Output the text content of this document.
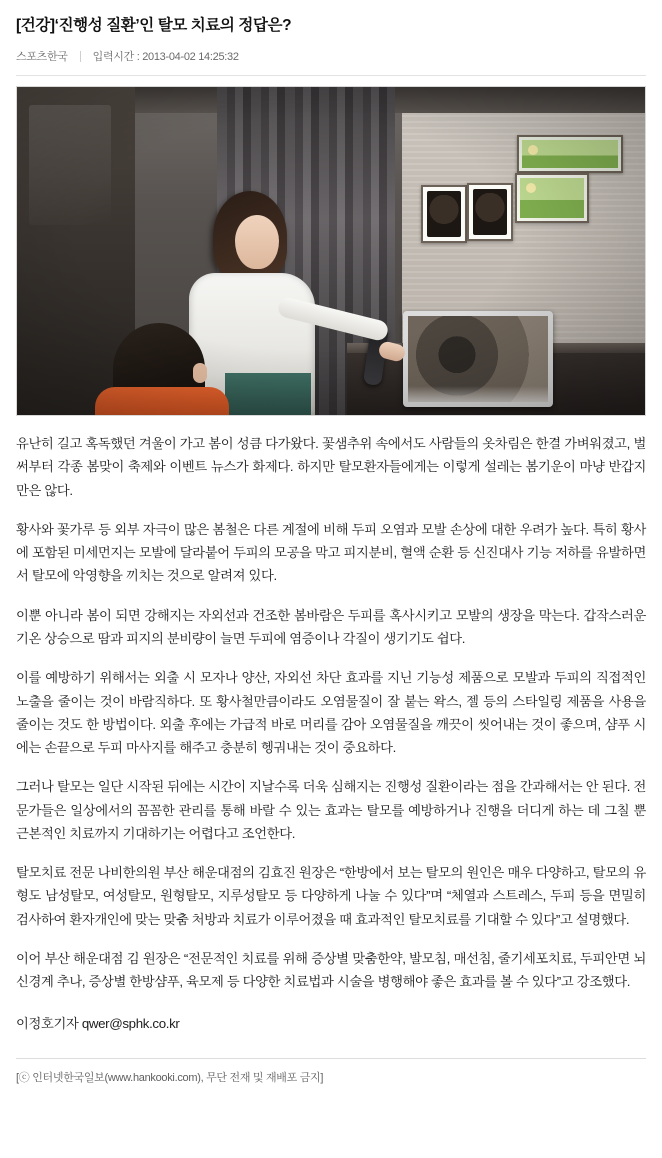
[건강]‘진행성 질환’인 탈모 치료의 정답은?
스포츠한국 입력시간 : 2013-04-02 14:25:32

유난히 길고 혹독했던 겨울이 가고 봄이 성큼 다가왔다. 꽃샘추위 속에서도 사람들의 옷차림은 한결 가벼워졌고, 벌써부터 각종 봄맞이 축제와 이벤트 뉴스가 화제다. 하지만 탈모환자들에게는 이렇게 설레는 봄기운이 마냥 반갑지만은 않다.

황사와 꽃가루 등 외부 자극이 많은 봄철은 다른 계절에 비해 두피 오염과 모발 손상에 대한 우려가 높다. 특히 황사에 포함된 미세먼지는 모발에 달라붙어 두피의 모공을 막고 피지분비, 혈액 순환 등 신진대사 기능 저하를 유발하면서 탈모에 악영향을 끼치는 것으로 알려져 있다.

이뿐 아니라 봄이 되면 강해지는 자외선과 건조한 봄바람은 두피를 혹사시키고 모발의 생장을 막는다. 갑작스러운 기온 상승으로 땀과 피지의 분비량이 늘면 두피에 염증이나 각질이 생기기도 쉽다.

이를 예방하기 위해서는 외출 시 모자나 양산, 자외선 차단 효과를 지닌 기능성 제품으로 모발과 두피의 직접적인 노출을 줄이는 것이 바람직하다. 또 황사철만큼이라도 오염물질이 잘 붙는 왁스, 젤 등의 스타일링 제품을 사용을 줄이는 것도 한 방법이다. 외출 후에는 가급적 바로 머리를 감아 오염물질을 깨끗이 씻어내는 것이 좋으며, 샴푸 시에는 손끝으로 두피 마사지를 해주고 충분히 헹궈내는 것이 중요하다.

그러나 탈모는 일단 시작된 뒤에는 시간이 지날수록 더욱 심해지는 진행성 질환이라는 점을 간과해서는 안 된다. 전문가들은 일상에서의 꼼꼼한 관리를 통해 바랄 수 있는 효과는 탈모를 예방하거나 진행을 더디게 하는 데 그칠 뿐 근본적인 치료까지 기대하기는 어렵다고 조언한다.

탈모치료 전문 나비한의원 부산 해운대점의 김효진 원장은 “한방에서 보는 탈모의 원인은 매우 다양하고, 탈모의 유형도 남성탈모, 여성탈모, 원형탈모, 지루성탈모 등 다양하게 나눌 수 있다”며 “체열과 스트레스, 두피 등을 면밀히 검사하여 환자개인에 맞는 맞춤 처방과 치료가 이루어졌을 때 효과적인 탈모치료를 기대할 수 있다”고 설명했다.

이어 부산 해운대점 김 원장은 “전문적인 치료를 위해 증상별 맞춤한약, 발모침, 매선침, 줄기세포치료, 두피안면 뇌신경계 추나, 증상별 한방샴푸, 육모제 등 다양한 치료법과 시술을 병행해야 좋은 효과를 볼 수 있다”고 강조했다.

이정호기자 qwer@sphk.co.kr
[ⓒ 인터넷한국일보(www.hankooki.com), 무단 전재 및 재배포 금지]
